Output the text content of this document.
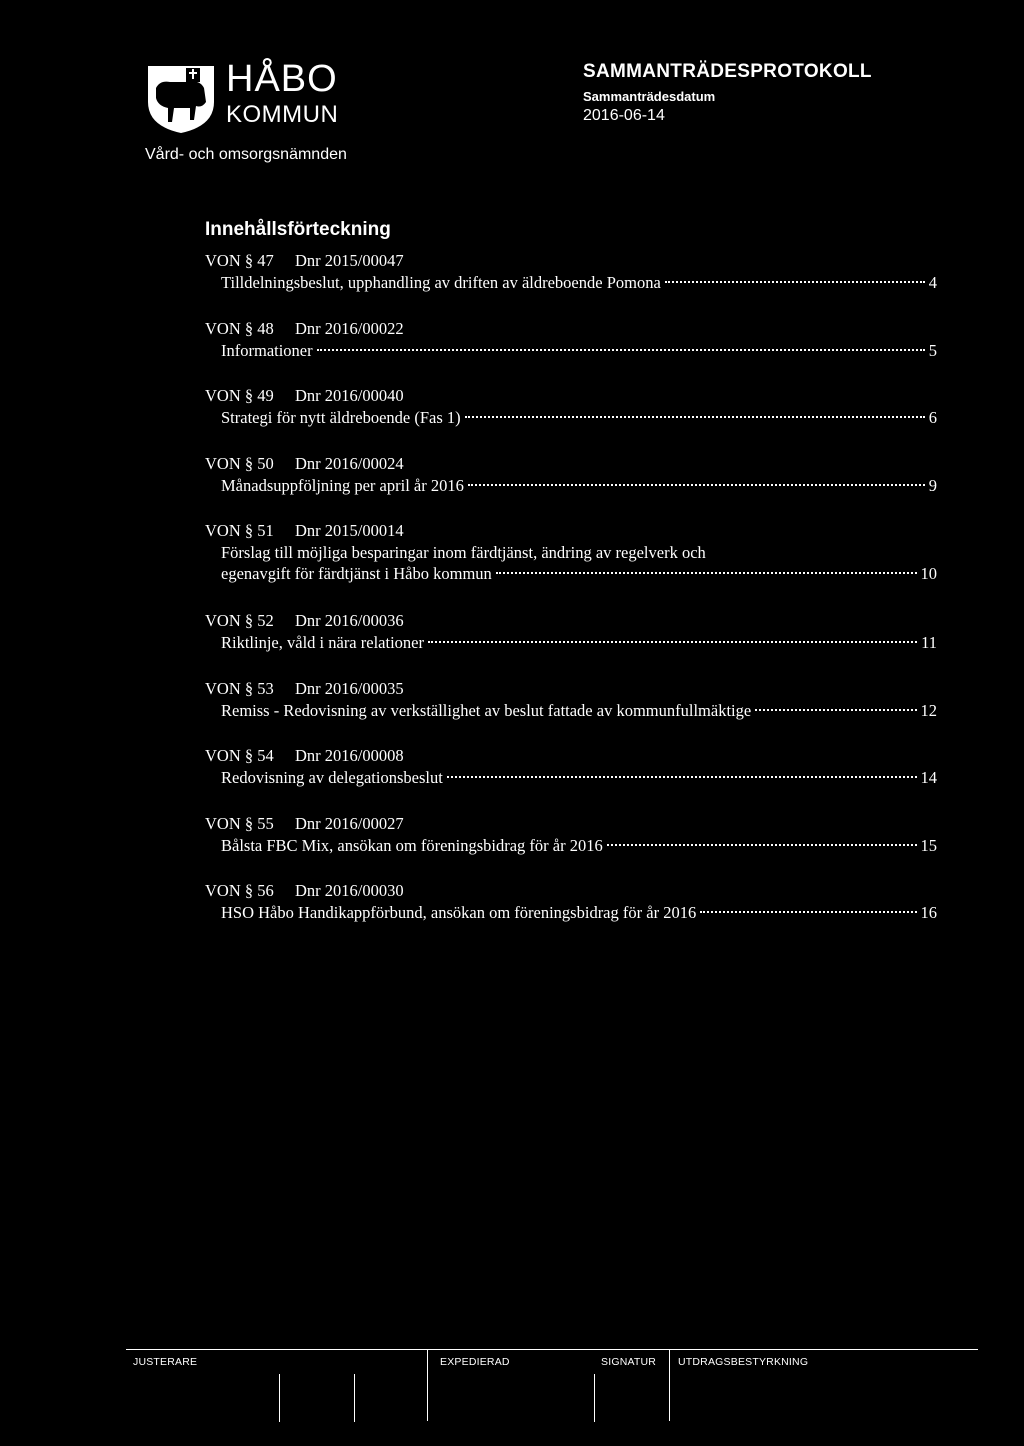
HÅBO
KOMMUN
Vård- och omsorgsnämnden
SAMMANTRÄDESPROTOKOLL
Sammanträdesdatum
2016-06-14
Innehållsförteckning
VON § 47 Dnr 2015/00047
Tilldelningsbeslut, upphandling av driften av äldreboende Pomona	4
VON § 48 Dnr 2016/00022
Informationer	5
VON § 49 Dnr 2016/00040
Strategi för nytt äldreboende (Fas 1)	6
VON § 50 Dnr 2016/00024
Månadsuppföljning per april år 2016	9
VON § 51 Dnr 2015/00014
Förslag till möjliga besparingar inom färdtjänst, ändring av regelverk och
egenavgift för färdtjänst i Håbo kommun	10
VON § 52 Dnr 2016/00036
Riktlinje, våld i nära relationer	11
VON § 53 Dnr 2016/00035
Remiss - Redovisning av verkställighet av beslut fattade av kommunfullmäktige	12
VON § 54 Dnr 2016/00008
Redovisning av delegationsbeslut	14
VON § 55 Dnr 2016/00027
Bålsta FBC Mix, ansökan om föreningsbidrag för år 2016	15
VON § 56 Dnr 2016/00030
HSO Håbo Handikappförbund, ansökan om föreningsbidrag för år 2016	16
JUSTERARE	EXPEDIERAD	SIGNATUR UTDRAGSBESTYRKNING
